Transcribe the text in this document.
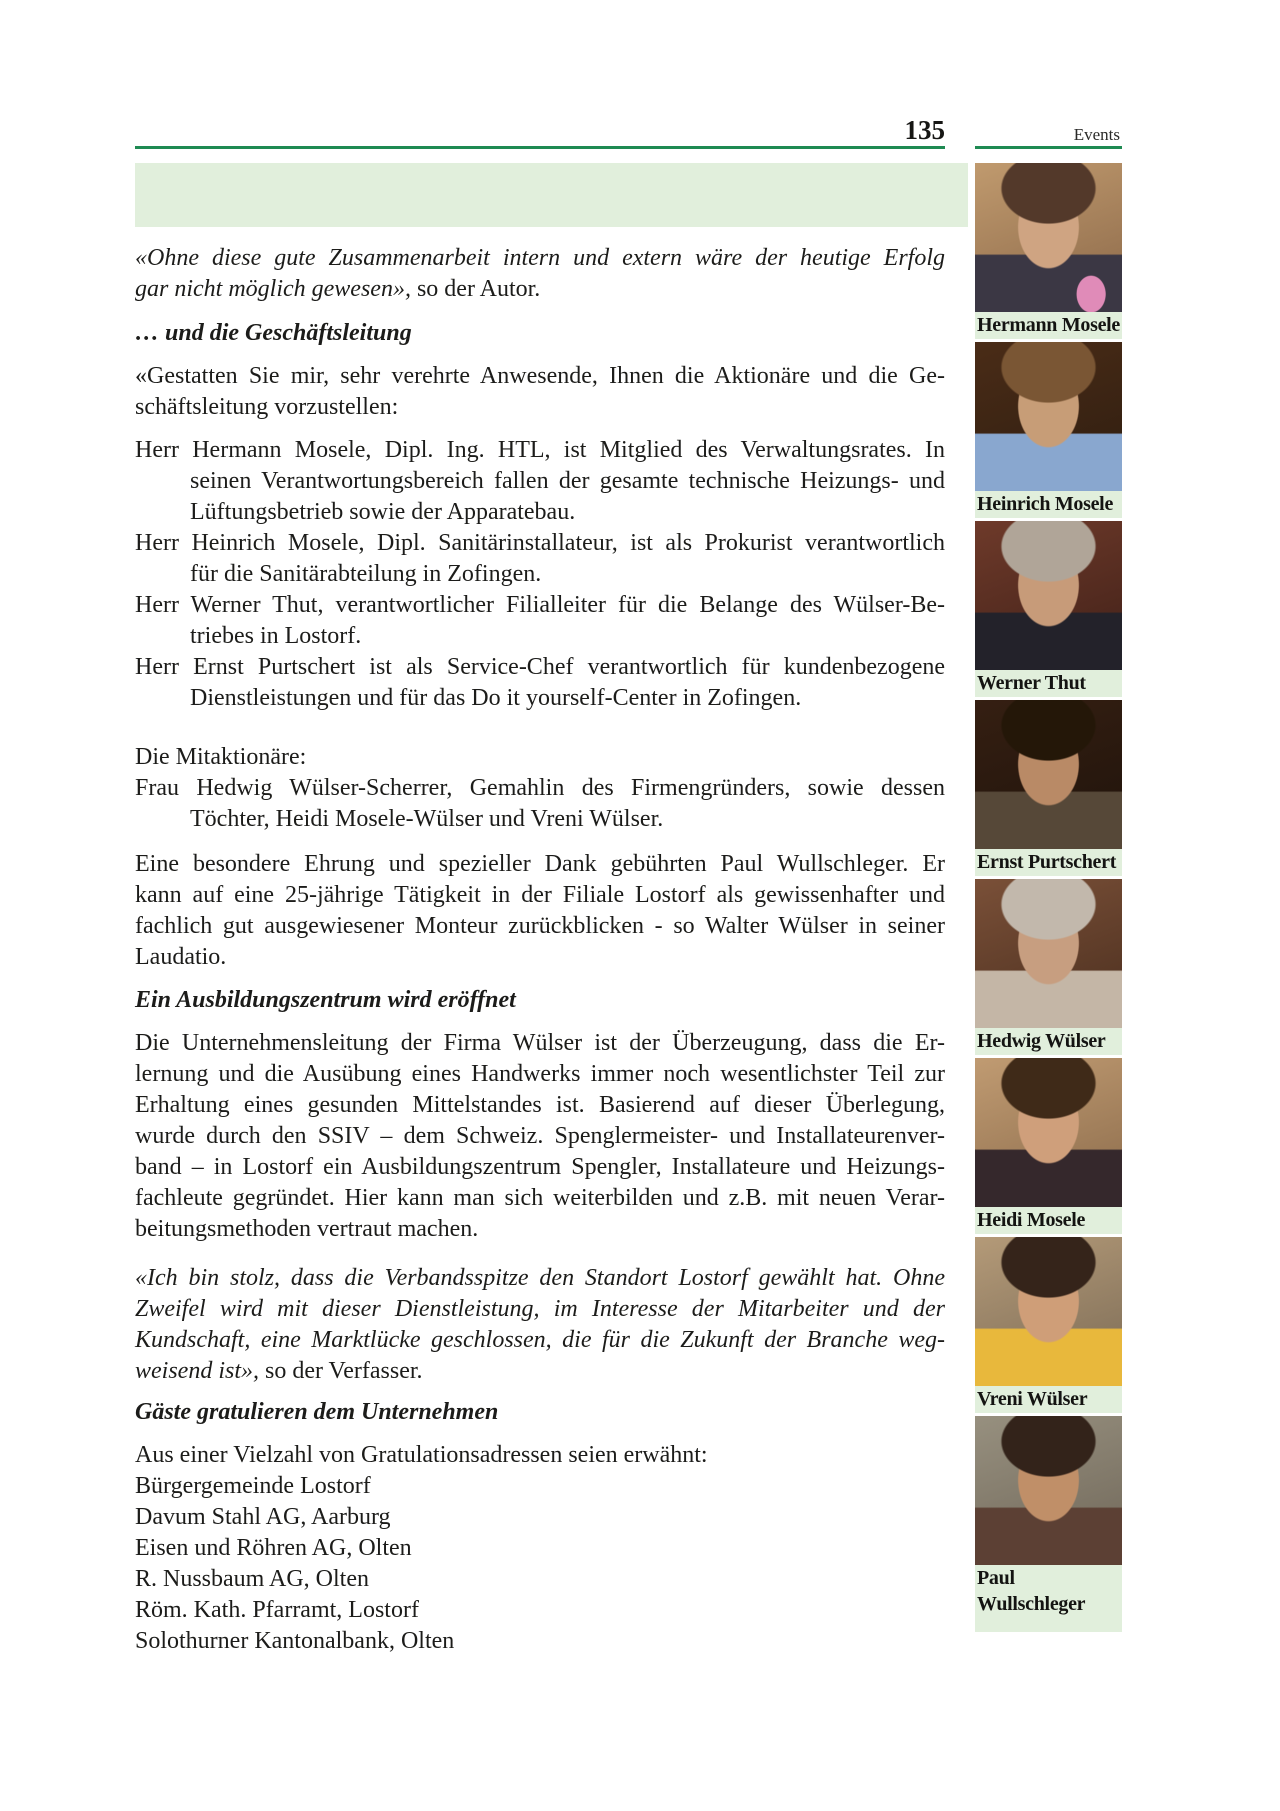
135	Events
«Ohne diese gute Zusammenarbeit intern und extern wäre der heutige Erfolg
gar nicht möglich gewesen», so der Autor.
… und die Geschäftsleitung
«Gestatten Sie mir, sehr verehrte Anwesende, Ihnen die Aktionäre und die Ge-
schäftsleitung vorzustellen:
Herr Hermann Mosele, Dipl. Ing. HTL, ist Mitglied des Verwaltungsrates. In
seinen Verantwortungsbereich fallen der gesamte technische Heizungs- und
Lüftungsbetrieb sowie der Apparatebau.
Herr Heinrich Mosele, Dipl. Sanitärinstallateur, ist als Prokurist verantwortlich
für die Sanitärabteilung in Zofingen.
Herr Werner Thut, verantwortlicher Filialleiter für die Belange des Wülser-Be-
triebes in Lostorf.
Herr Ernst Purtschert ist als Service-Chef verantwortlich für kundenbezogene
Dienstleistungen und für das Do it yourself-Center in Zofingen.
Die Mitaktionäre:
Frau Hedwig Wülser-Scherrer, Gemahlin des Firmengründers, sowie dessen
Töchter, Heidi Mosele-Wülser und Vreni Wülser.
Eine besondere Ehrung und spezieller Dank gebührten Paul Wullschleger. Er
kann auf eine 25-jährige Tätigkeit in der Filiale Lostorf als gewissenhafter und
fachlich gut ausgewiesener Monteur zurückblicken - so Walter Wülser in seiner
Laudatio.
Ein Ausbildungszentrum wird eröffnet
Die Unternehmensleitung der Firma Wülser ist der Überzeugung, dass die Er-
lernung und die Ausübung eines Handwerks immer noch wesentlichster Teil zur
Erhaltung eines gesunden Mittelstandes ist. Basierend auf dieser Überlegung,
wurde durch den SSIV – dem Schweiz. Spenglermeister- und Installateurenver-
band – in Lostorf ein Ausbildungszentrum Spengler, Installateure und Heizungs-
fachleute gegründet. Hier kann man sich weiterbilden und z.B. mit neuen Verar-
beitungsmethoden vertraut machen.
«Ich bin stolz, dass die Verbandsspitze den Standort Lostorf gewählt hat. Ohne
Zweifel wird mit dieser Dienstleistung, im Interesse der Mitarbeiter und der
Kundschaft, eine Marktlücke geschlossen, die für die Zukunft der Branche weg-
weisend ist», so der Verfasser.
Gäste gratulieren dem Unternehmen
Aus einer Vielzahl von Gratulationsadressen seien erwähnt:
Bürgergemeinde Lostorf
Davum Stahl AG, Aarburg
Eisen und Röhren AG, Olten
R. Nussbaum AG, Olten
Röm. Kath. Pfarramt, Lostorf
Solothurner Kantonalbank, Olten
Hermann Mosele
Heinrich Mosele
Werner Thut
Ernst Purtschert
Hedwig Wülser
Heidi Mosele
Vreni Wülser
Paul Wullschleger
